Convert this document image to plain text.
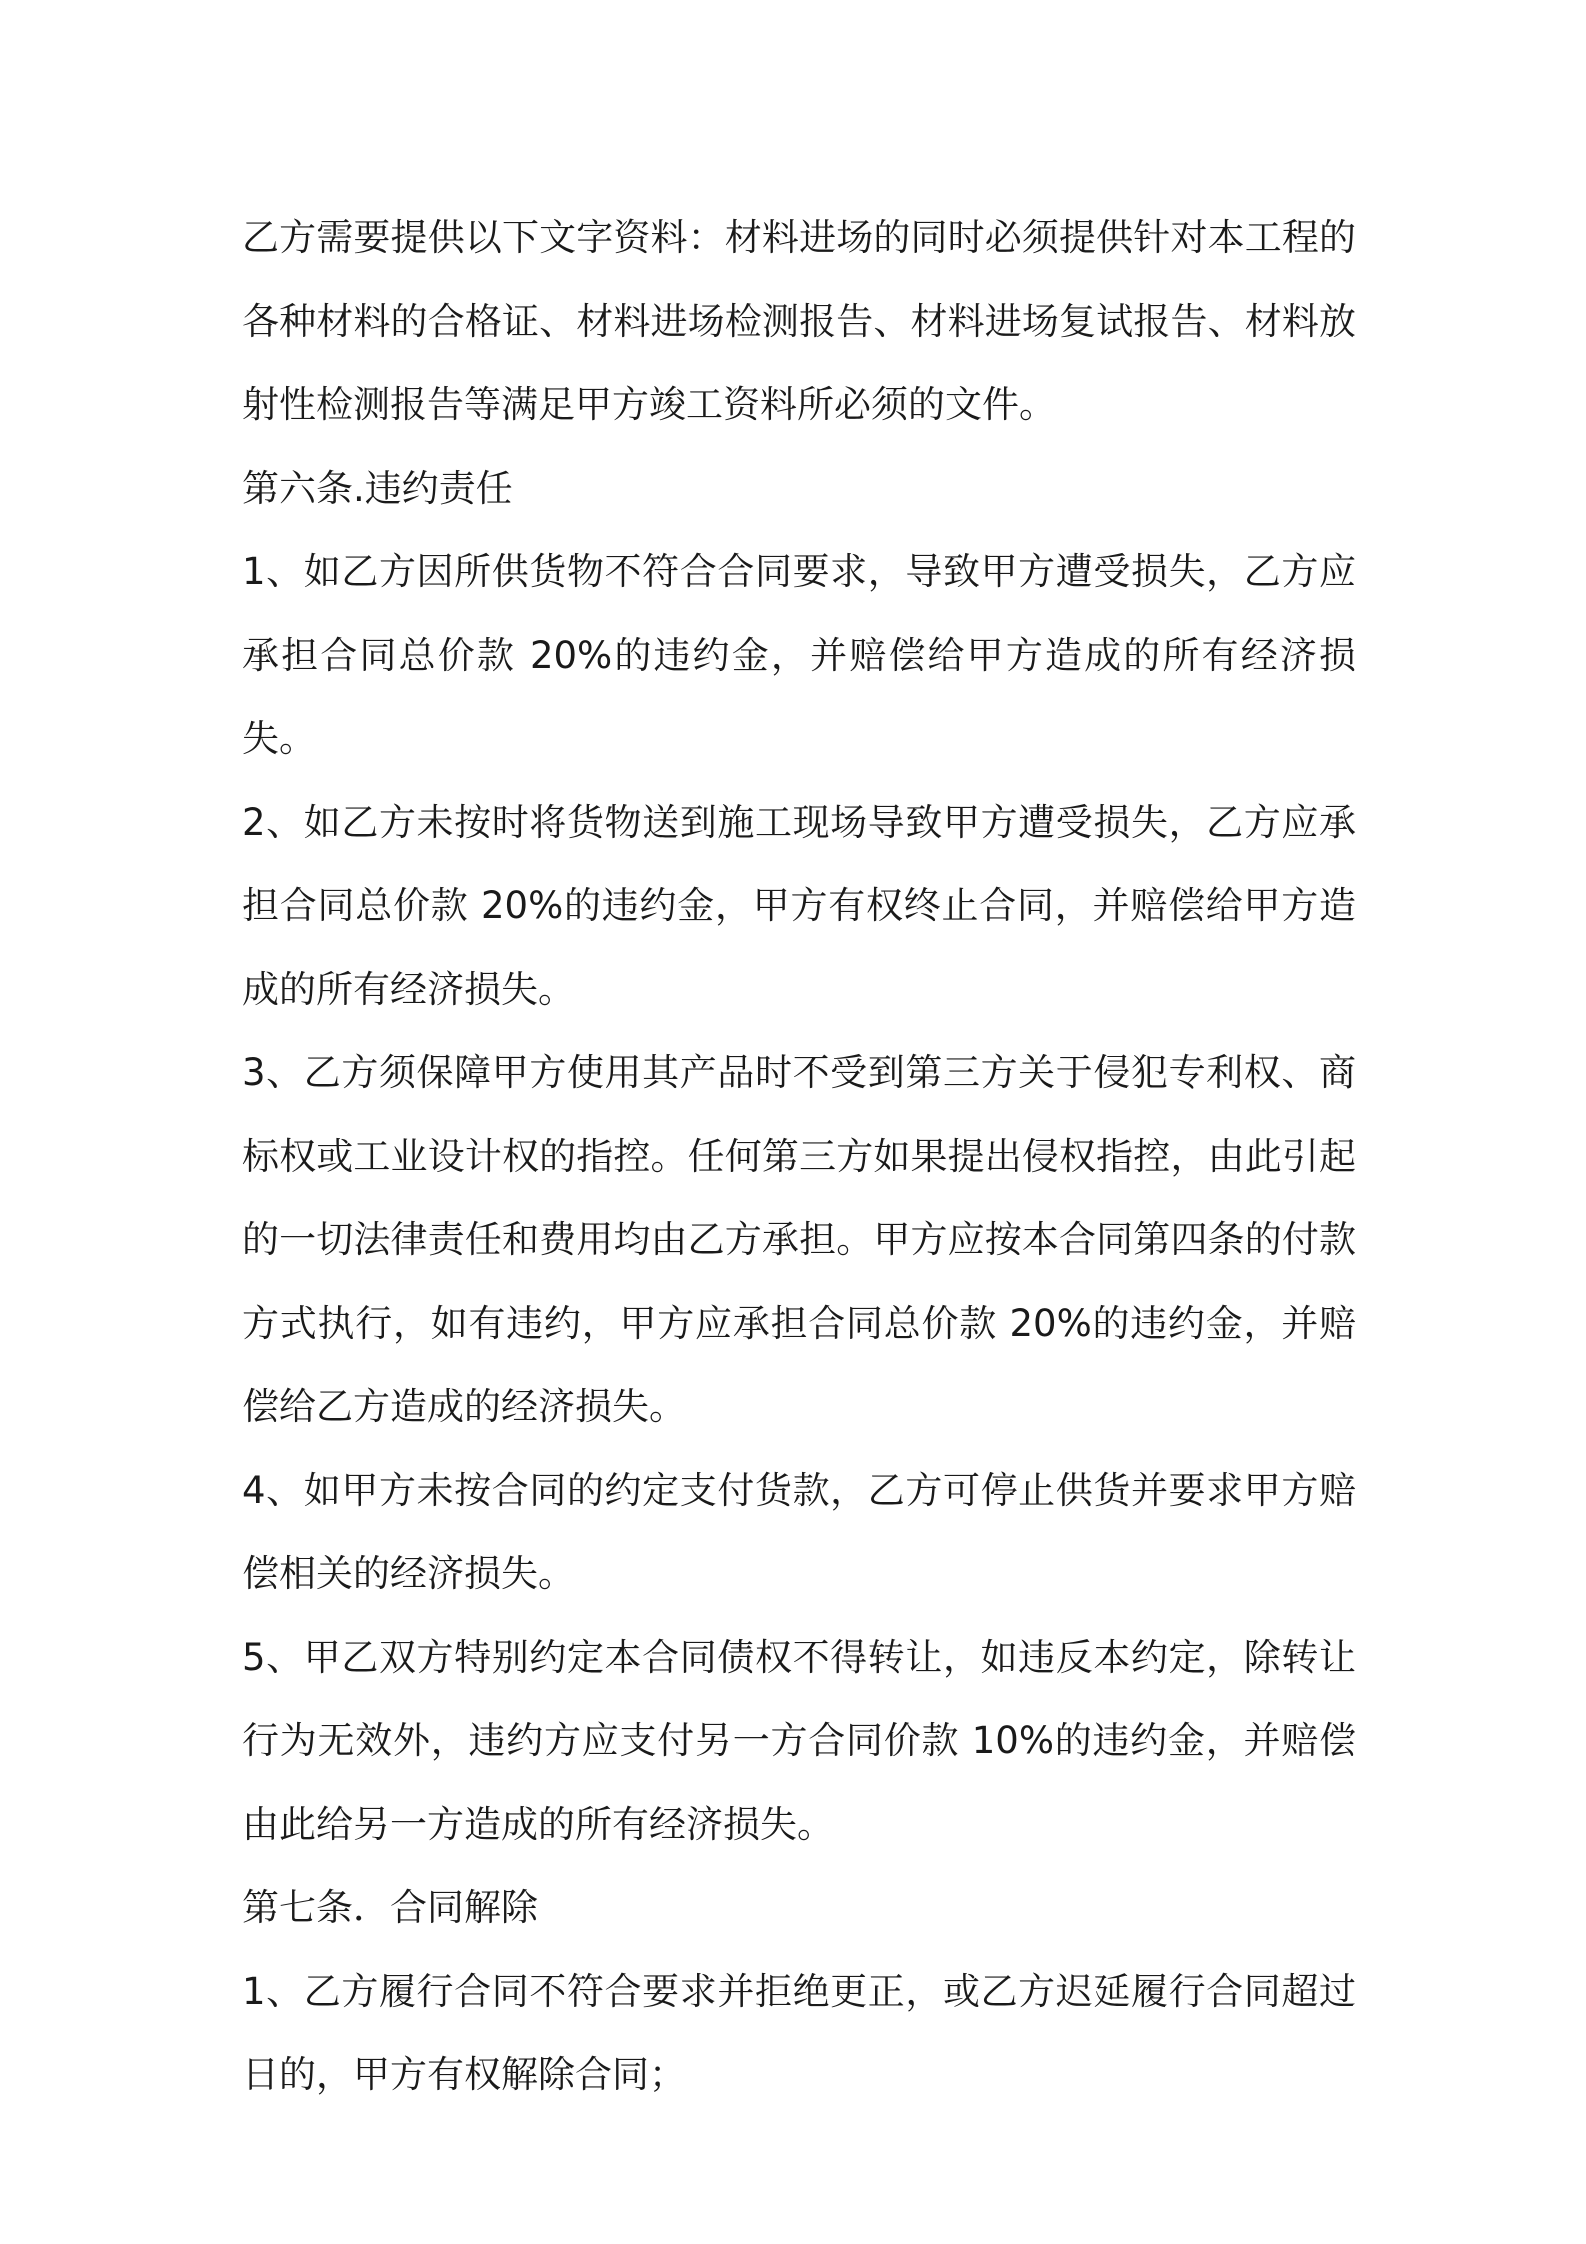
乙方需要提供以下文字资料：材料进场的同时必须提供针对本工程的各种材料的合格证、材料进场检测报告、材料进场复试报告、材料放射性检测报告等满足甲方竣工资料所必须的文件。

第六条.违约责任

1、如乙方因所供货物不符合合同要求，导致甲方遭受损失，乙方应承担合同总价款 20%的违约金，并赔偿给甲方造成的所有经济损失。

2、如乙方未按时将货物送到施工现场导致甲方遭受损失，乙方应承担合同总价款 20%的违约金，甲方有权终止合同，并赔偿给甲方造成的所有经济损失。

3、乙方须保障甲方使用其产品时不受到第三方关于侵犯专利权、商标权或工业设计权的指控。任何第三方如果提出侵权指控，由此引起的一切法律责任和费用均由乙方承担。甲方应按本合同第四条的付款方式执行，如有违约，甲方应承担合同总价款 20%的违约金，并赔偿给乙方造成的经济损失。

4、如甲方未按合同的约定支付货款，乙方可停止供货并要求甲方赔偿相关的经济损失。

5、甲乙双方特别约定本合同债权不得转让，如违反本约定，除转让行为无效外，违约方应支付另一方合同价款 10%的违约金，并赔偿由此给另一方造成的所有经济损失。

第七条．合同解除

1、乙方履行合同不符合要求并拒绝更正，或乙方迟延履行合同超过日的，甲方有权解除合同；
